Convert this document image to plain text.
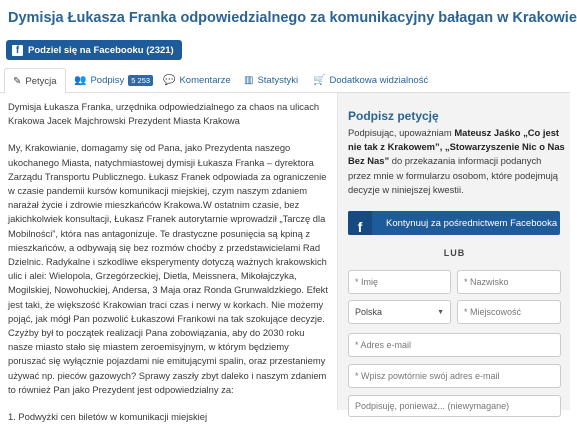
Dymisja Łukasza Franka odpowiedzialnego za komunikacyjny bałagan w Krakowie
f Podziel się na Facebooku (2321)
✎ Petycja 👥 Podpisy 5 253	💬 Komentarze ▥ Statystyki 🛒 Dodatkowa widzialność

Dymisja Łukasza Franka, urzędnika odpowiedzialnego za chaos na ulicach Krakowa Jacek Majchrowski Prezydent Miasta Krakowa

My, Krakowianie, domagamy się od Pana, jako Prezydenta naszego ukochanego Miasta, natychmiastowej dymisji Łukasza Franka – dyrektora Zarządu Transportu Publicznego. Łukasz Franek odpowiada za ograniczenie w czasie pandemii kursów komunikacji miejskiej, czym naszym zdaniem narażał życie i zdrowie mieszkańców Krakowa.W ostatnim czasie, bez jakichkolwiek konsultacji, Łukasz Franek autorytarnie wprowadził „Tarczę dla Mobilności”, która nas antagonizuje. Te drastyczne posunięcia są kpiną z mieszkańców, a odbywają się bez rozmów choćby z przedstawicielami Rad Dzielnic. Radykalne i szkodliwe eksperymenty dotyczą ważnych krakowskich ulic i alei: Wielopola, Grzegórzeckiej, Dietla, Meissnera, Mikołajczyka, Mogilskiej, Nowohuckiej, Andersa, 3 Maja oraz Ronda Grunwaldzkiego. Efekt jest taki, że większość Krakowian traci czas i nerwy w korkach. Nie możemy pojąć, jak mógł Pan pozwolić Łukaszowi Frankowi na tak szokujące decyzje. Czyżby był to początek realizacji Pana zobowiązania, aby do 2030 roku nasze miasto stało się miastem zeroemisyjnym, w którym będziemy poruszać się wyłącznie pojazdami nie emitującymi spalin, oraz przestaniemy używać np. pieców gazowych? Sprawy zaszły zbyt daleko i naszym zdaniem to również Pan jako Prezydent jest odpowiedzialny za:

1. Podwyżki cen biletów w komunikacji miejskiej

Podpisz petycję
Podpisując, upoważniam Mateusz Jaśko „Co jest nie tak z Krakowem”, „Stowarzyszenie Nic o Nas Bez Nas” do przekazania informacji podanych przez mnie w formularzu osobom, które podejmują decyzje w niniejszej kwestii.
f	Kontynuuj za pośrednictwem Facebooka
LUB
* Imię	* Nazwisko
Polska	▼ * Miejscowość
* Adres e-mail
* Wpisz powtórnie swój adres e-mail
Podpisuję, ponieważ... (niewymagane)
